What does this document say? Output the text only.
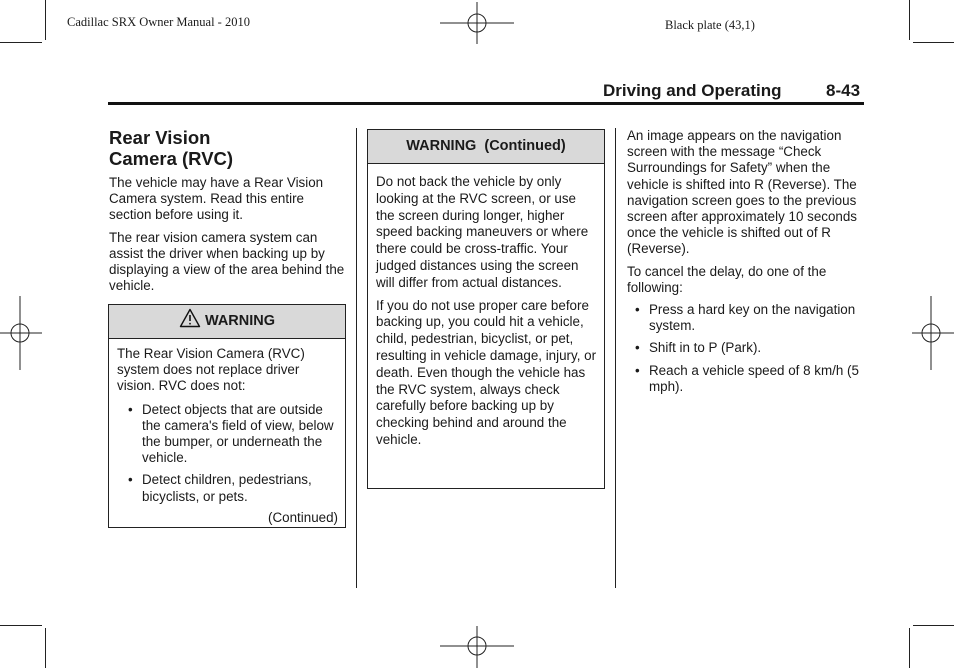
Cadillac SRX Owner Manual - 2010	Black plate (43,1)
Driving and Operating	8-43
Rear Vision
Camera (RVC)

The vehicle may have a Rear Vision Camera system. Read this entire section before using it.

The rear vision camera system can assist the driver when backing up by displaying a view of the area behind the vehicle.

WARNING

The Rear Vision Camera (RVC) system does not replace driver vision. RVC does not:

• Detect objects that are outside the camera's field of view, below the bumper, or underneath the vehicle.
• Detect children, pedestrians, bicyclists, or pets.
(Continued)
WARNING  (Continued)

Do not back the vehicle by only looking at the RVC screen, or use the screen during longer, higher speed backing maneuvers or where there could be cross-traffic. Your judged distances using the screen will differ from actual distances.

If you do not use proper care before backing up, you could hit a vehicle, child, pedestrian, bicyclist, or pet, resulting in vehicle damage, injury, or death. Even though the vehicle has the RVC system, always check carefully before backing up by checking behind and around the vehicle.

An image appears on the navigation screen with the message “Check Surroundings for Safety” when the vehicle is shifted into R (Reverse). The navigation screen goes to the previous screen after approximately 10 seconds once the vehicle is shifted out of R (Reverse).

To cancel the delay, do one of the following:

• Press a hard key on the navigation system.
• Shift in to P (Park).
• Reach a vehicle speed of 8 km/h (5 mph).
